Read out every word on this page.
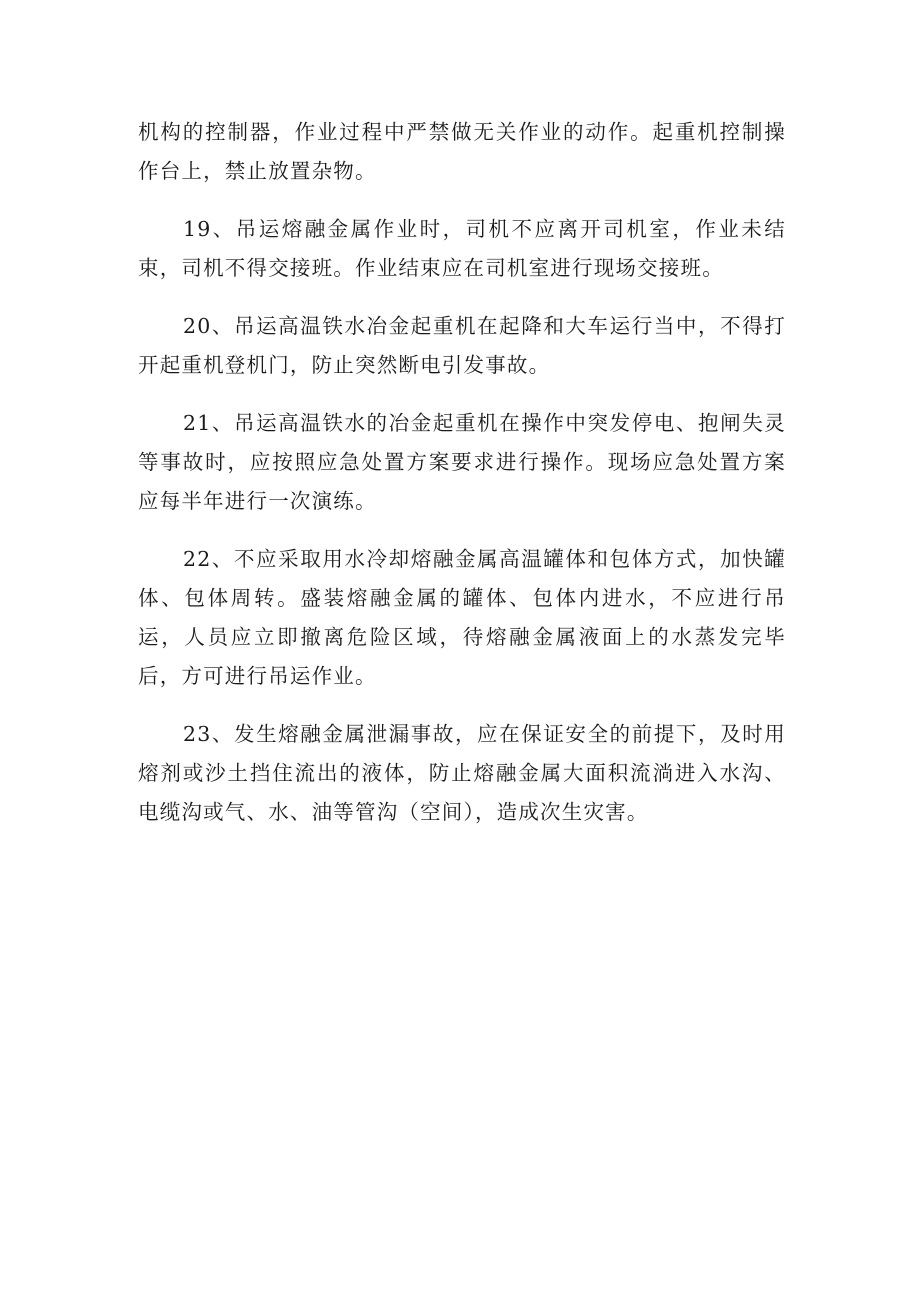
机构的控制器，作业过程中严禁做无关作业的动作。起重机控制操作台上，禁止放置杂物。

19、吊运熔融金属作业时，司机不应离开司机室，作业未结束，司机不得交接班。作业结束应在司机室进行现场交接班。

20、吊运高温铁水冶金起重机在起降和大车运行当中，不得打开起重机登机门，防止突然断电引发事故。

21、吊运高温铁水的冶金起重机在操作中突发停电、抱闸失灵等事故时，应按照应急处置方案要求进行操作。现场应急处置方案应每半年进行一次演练。

22、不应采取用水冷却熔融金属高温罐体和包体方式，加快罐体、包体周转。盛装熔融金属的罐体、包体内进水，不应进行吊运，人员应立即撤离危险区域，待熔融金属液面上的水蒸发完毕后，方可进行吊运作业。

23、发生熔融金属泄漏事故，应在保证安全的前提下，及时用熔剂或沙土挡住流出的液体，防止熔融金属大面积流淌进入水沟、电缆沟或气、水、油等管沟（空间），造成次生灾害。
